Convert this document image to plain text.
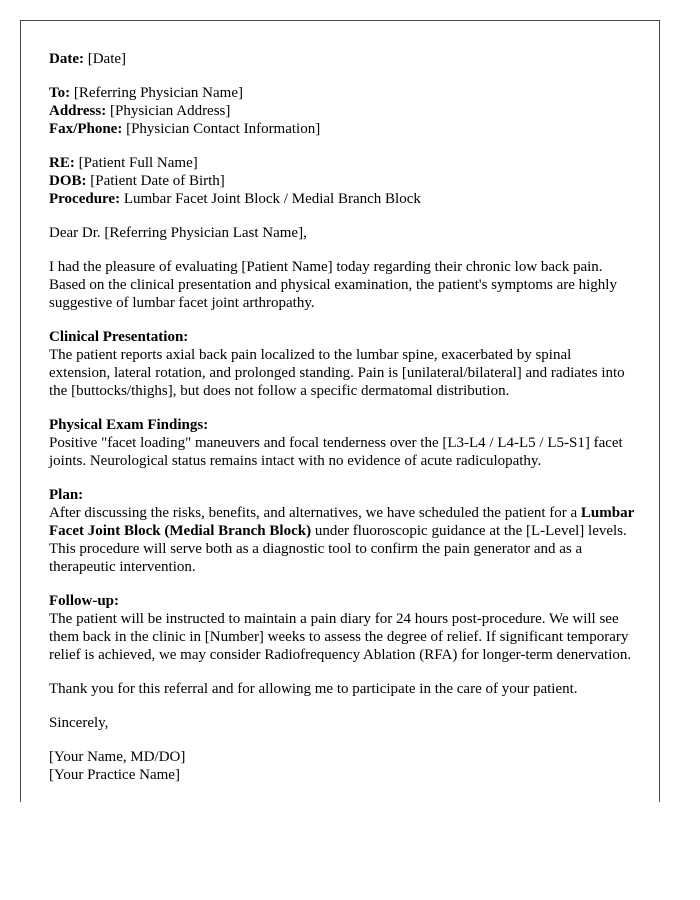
Date: [Date]

To: [Referring Physician Name]
Address: [Physician Address]
Fax/Phone: [Physician Contact Information]

RE: [Patient Full Name]
DOB: [Patient Date of Birth]
Procedure: Lumbar Facet Joint Block / Medial Branch Block

Dear Dr. [Referring Physician Last Name],

I had the pleasure of evaluating [Patient Name] today regarding their chronic low back pain. Based on the clinical presentation and physical examination, the patient's symptoms are highly suggestive of lumbar facet joint arthropathy.

Clinical Presentation:
The patient reports axial back pain localized to the lumbar spine, exacerbated by spinal extension, lateral rotation, and prolonged standing. Pain is [unilateral/bilateral] and radiates into the [buttocks/thighs], but does not follow a specific dermatomal distribution.

Physical Exam Findings:
Positive "facet loading" maneuvers and focal tenderness over the [L3-L4 / L4-L5 / L5-S1] facet joints. Neurological status remains intact with no evidence of acute radiculopathy.

Plan:
After discussing the risks, benefits, and alternatives, we have scheduled the patient for a Lumbar Facet Joint Block (Medial Branch Block) under fluoroscopic guidance at the [L-Level] levels. This procedure will serve both as a diagnostic tool to confirm the pain generator and as a therapeutic intervention.

Follow-up:
The patient will be instructed to maintain a pain diary for 24 hours post-procedure. We will see them back in the clinic in [Number] weeks to assess the degree of relief. If significant temporary relief is achieved, we may consider Radiofrequency Ablation (RFA) for longer-term denervation.

Thank you for this referral and for allowing me to participate in the care of your patient.

Sincerely,

[Your Name, MD/DO]
[Your Practice Name]
